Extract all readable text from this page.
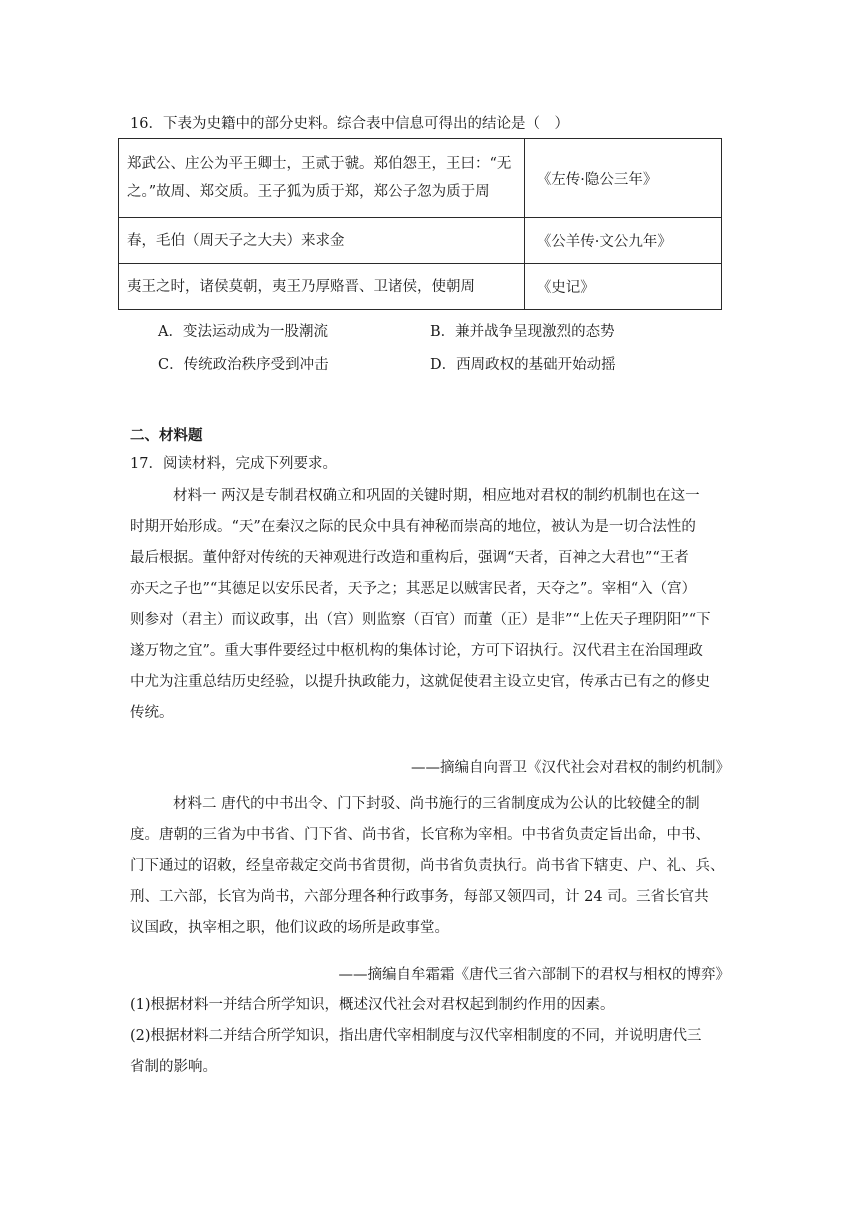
16．下表为史籍中的部分史料。综合表中信息可得出的结论是（　）
郑武公、庄公为平王卿士，王贰于虢。郑伯怨王，王曰：“无
之。”故周、郑交质。王子狐为质于郑，郑公子忽为质于周	《左传·隐公三年》
春，毛伯（周天子之大夫）来求金	《公羊传·文公九年》
夷王之时，诸侯莫朝，夷王乃厚赂晋、卫诸侯，使朝周	《史记》
A．变法运动成为一股潮流	B．兼并战争呈现激烈的态势
C．传统政治秩序受到冲击	D．西周政权的基础开始动摇
二、材料题
17．阅读材料，完成下列要求。
材料一 两汉是专制君权确立和巩固的关键时期，相应地对君权的制约机制也在这一
时期开始形成。“天”在秦汉之际的民众中具有神秘而崇高的地位，被认为是一切合法性的
最后根据。董仲舒对传统的天神观进行改造和重构后，强调“天者，百神之大君也”“王者
亦天之子也”“其德足以安乐民者，天予之；其恶足以贼害民者，天夺之”。宰相“入（宫）
则参对（君主）而议政事，出（宫）则监察（百官）而董（正）是非”“上佐天子理阴阳”“下
遂万物之宜”。重大事件要经过中枢机构的集体讨论，方可下诏执行。汉代君主在治国理政
中尤为注重总结历史经验，以提升执政能力，这就促使君主设立史官，传承古已有之的修史
传统。
——摘编自向晋卫《汉代社会对君权的制约机制》
材料二 唐代的中书出令、门下封驳、尚书施行的三省制度成为公认的比较健全的制
度。唐朝的三省为中书省、门下省、尚书省，长官称为宰相。中书省负责定旨出命，中书、
门下通过的诏敕，经皇帝裁定交尚书省贯彻，尚书省负责执行。尚书省下辖吏、户、礼、兵、
刑、工六部，长官为尚书，六部分理各种行政事务，每部又领四司，计 24 司。三省长官共
议国政，执宰相之职，他们议政的场所是政事堂。
——摘编自牟霜霜《唐代三省六部制下的君权与相权的博弈》
(1)根据材料一并结合所学知识，概述汉代社会对君权起到制约作用的因素。
(2)根据材料二并结合所学知识，指出唐代宰相制度与汉代宰相制度的不同，并说明唐代三
省制的影响。
